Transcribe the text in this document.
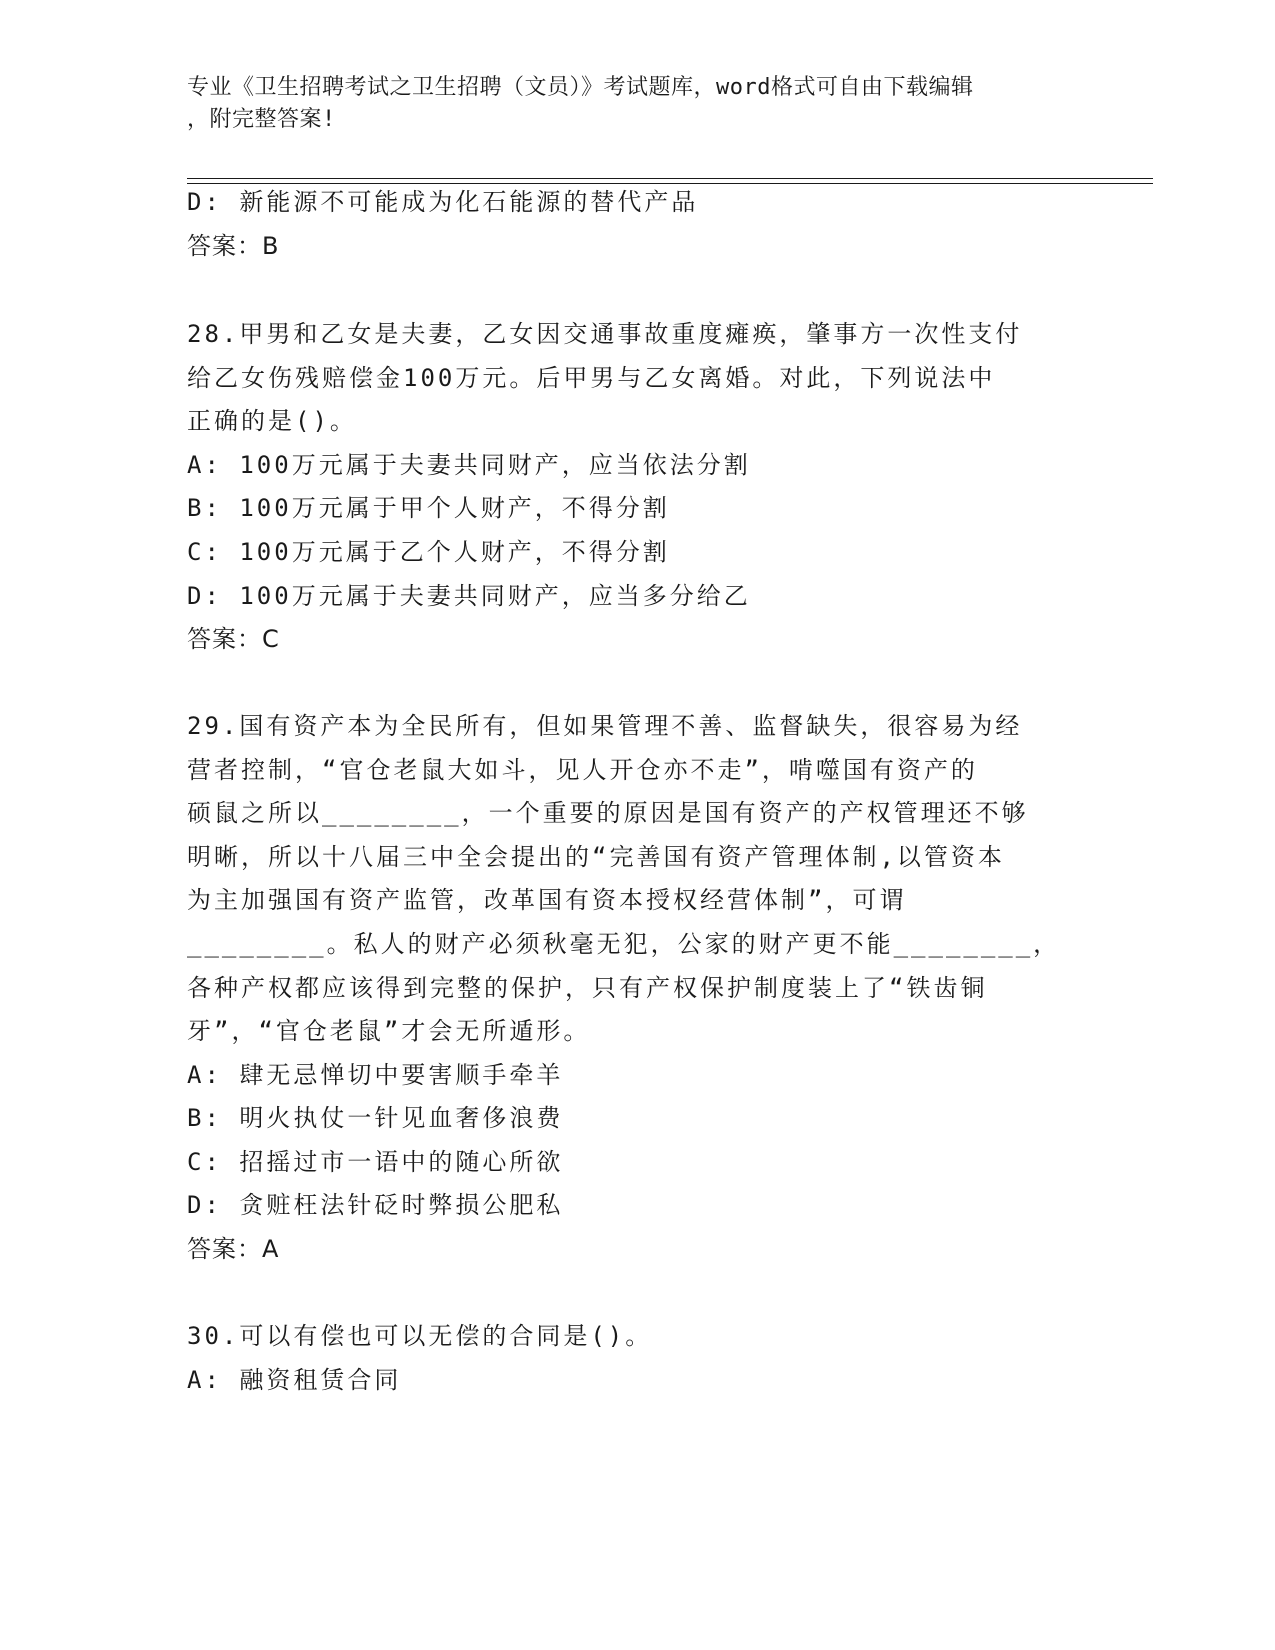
专业《卫生招聘考试之卫生招聘（文员）》考试题库，word格式可自由下载编辑
，附完整答案!
D: 新能源不可能成为化石能源的替代产品
答案：B
28.甲男和乙女是夫妻，乙女因交通事故重度瘫痪，肇事方一次性支付
给乙女伤残赔偿金100万元。后甲男与乙女离婚。对此，下列说法中
正确的是()。
A: 100万元属于夫妻共同财产，应当依法分割
B: 100万元属于甲个人财产，不得分割
C: 100万元属于乙个人财产，不得分割
D: 100万元属于夫妻共同财产，应当多分给乙
答案：C
29.国有资产本为全民所有，但如果管理不善、监督缺失，很容易为经
营者控制，“官仓老鼠大如斗，见人开仓亦不走”，啃噬国有资产的
硕鼠之所以________，一个重要的原因是国有资产的产权管理还不够
明晰，所以十八届三中全会提出的“完善国有资产管理体制,以管资本
为主加强国有资产监管，改革国有资本授权经营体制”，可谓
________。私人的财产必须秋毫无犯，公家的财产更不能________，
各种产权都应该得到完整的保护，只有产权保护制度装上了“铁齿铜
牙”，“官仓老鼠”才会无所遁形。
A: 肆无忌惮切中要害顺手牵羊
B: 明火执仗一针见血奢侈浪费
C: 招摇过市一语中的随心所欲
D: 贪赃枉法针砭时弊损公肥私
答案：A
30.可以有偿也可以无偿的合同是()。
A: 融资租赁合同
